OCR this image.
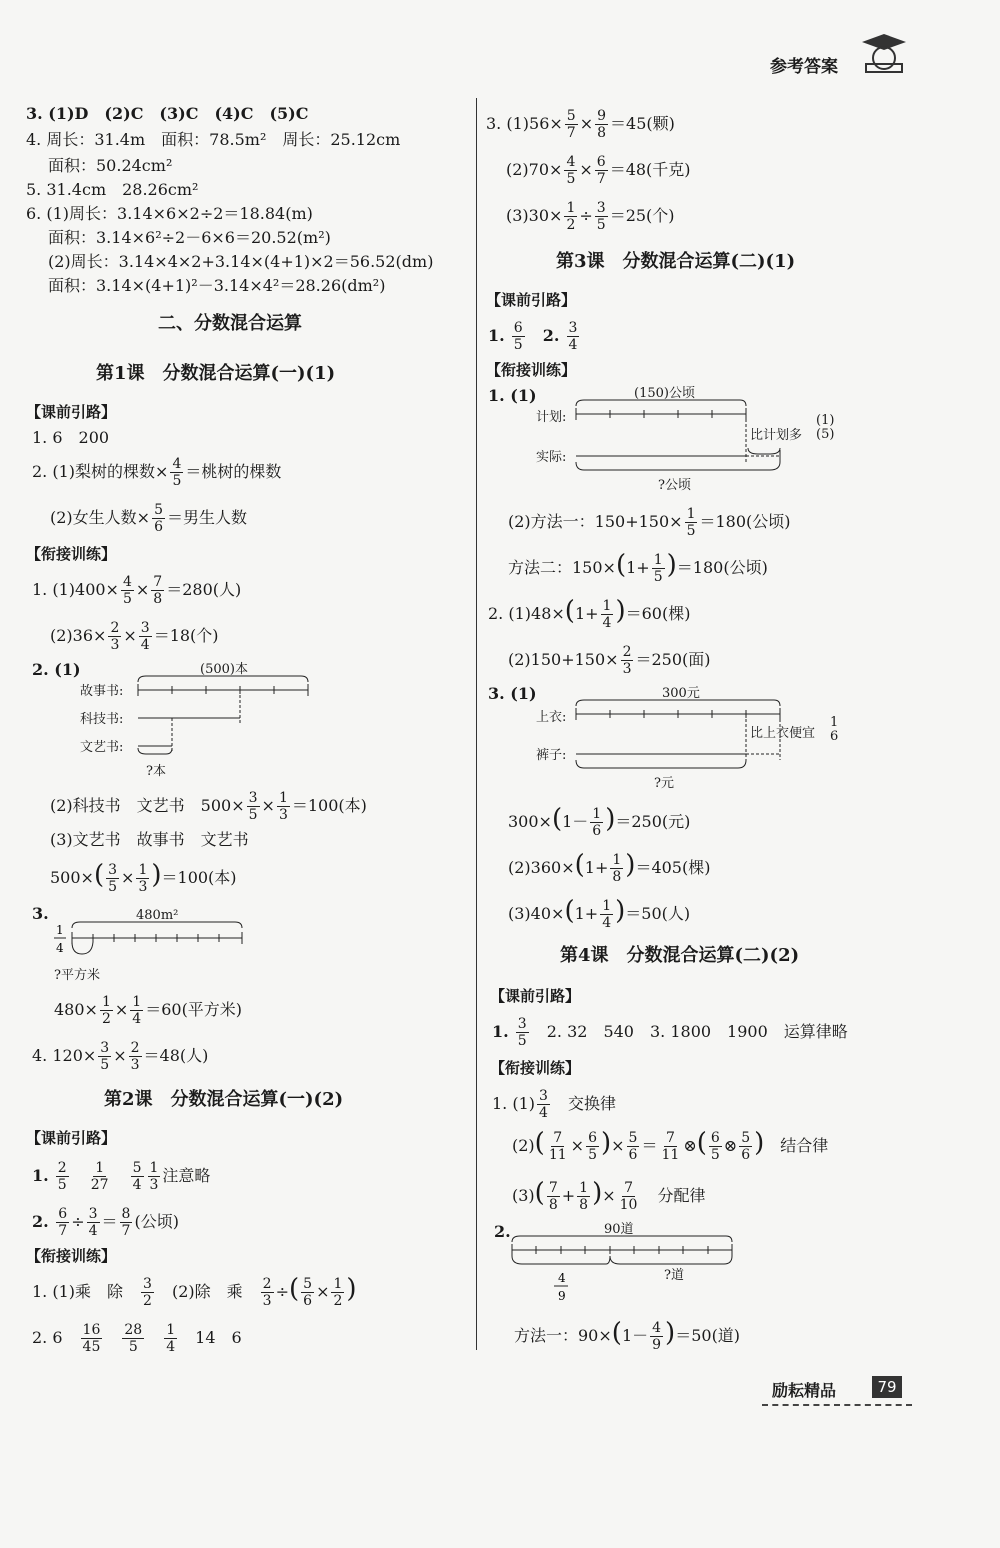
参考答案
3. (1)D　(2)C　(3)C　(4)C　(5)C
4. 周长：31.4m　面积：78.5m²　周长：25.12cm
面积：50.24cm²
5. 31.4cm　28.26cm²
6. (1)周长：3.14×6×2÷2＝18.84(m)
面积：3.14×6²÷2－6×6＝20.52(m²)
(2)周长：3.14×4×2+3.14×(4+1)×2＝56.52(dm)
面积：3.14×(4+1)²－3.14×4²＝28.26(dm²)
二、分数混合运算
第1课　分数混合运算(一)(1)
【课前引路】
1. 6　200
2. (1)梨树的棵数× $\frac{4}{5}$ ＝桃树的棵数
(2)女生人数× $\frac{5}{6}$ ＝男生人数
【衔接训练】
1. $(1)400\times \frac{4}{5} \times \frac{7}{8} =280$(人)
$(2)36\times \frac{2}{3} \times \frac{3}{4} =18$(个)
2. (1)	(500)本
故事书:
科技书:
文艺书:
?本
(2)科技书　文艺书　$500\times \frac{3}{5} \times \frac{1}{3} =100$(本)
(3)文艺书　故事书　文艺书
$500\times( \frac{3}{5} \times \frac{1}{3} )=100$(本)
3.	480m²
?平方米
1
4
$480\times \frac{1}{2} \times \frac{1}{4} =60$(平方米)
4. $120\times \frac{3}{5} \times \frac{2}{3} =48$(人)
第2课　分数混合运算(一)(2)
【课前引路】
1. $\frac{2}{5}$
　 $\frac{1}{27}$
　 $\frac{5}{4} \frac{1}{3}$ 注意略
2. $\frac{6}{7} \div \frac{3}{4} = \frac{8}{7}$ (公顷)
【衔接训练】
1. (1)乘　除　 $\frac{3}{2}$
　 (2)除　乘　 $\frac{2}{3}$ ÷( $\frac{5}{6} \times \frac{1}{2}$ )
2. 6　 $\frac{16}{45}$
　 $\frac{28}{5}$
　 $\frac{1}{4}$
　 14　6
3. $(1)56\times \frac{5}{7} \times \frac{9}{8} =45$(颗)
$(2)70\times \frac{4}{5} \times \frac{6}{7} =48$(千克)
$(3)30\times \frac{1}{2} \div \frac{3}{5} =25$(个)
第3课　分数混合运算(二)(1)
【课前引路】
1. $\frac{6}{5}$
　 2. $\frac{3}{4}$
【衔接训练】
1. (1)	(150)公顷
计划:
实际:
比计划多
(1)
(5)
?公顷
(2)方法一：$150+150\times \frac{1}{5} =180$(公顷)
方法二：$150\times(1+ \frac{1}{5} )=180$(公顷)
2. $(1)48\times(1+ \frac{1}{4} )=60$(棵)
$(2)150+150\times \frac{2}{3} =250$(面)
3. (1)	300元
上衣:
裤子:
比上衣便宜
1
6
?元
$300\times(1- \frac{1}{6} )=250$(元)
$(2)360\times(1+ \frac{1}{8} )=405$(棵)
$(3)40\times(1+ \frac{1}{4} )=50$(人)
第4课　分数混合运算(二)(2)
【课前引路】
1. $\frac{3}{5}$
　 2. 32　540　3. 1800　1900　运算律略
【衔接训练】
1. $(1) \frac{3}{4}$
　 交换律
$(2)( \frac{7}{11} \times \frac{6}{5}$ )× $\frac{5}{6} = \frac{7}{11}$ ⊗( $\frac{6}{5}$ ⊗ $\frac{5}{6}$ )　 结合律
$(3)( \frac{7}{8} + \frac{1}{8}$ )× $\frac{7}{10}$
　 分配律
2.	90道
?道
4
9
方法一：$90\times(1- \frac{4}{9} )=50$(道)
励耘精品	79
